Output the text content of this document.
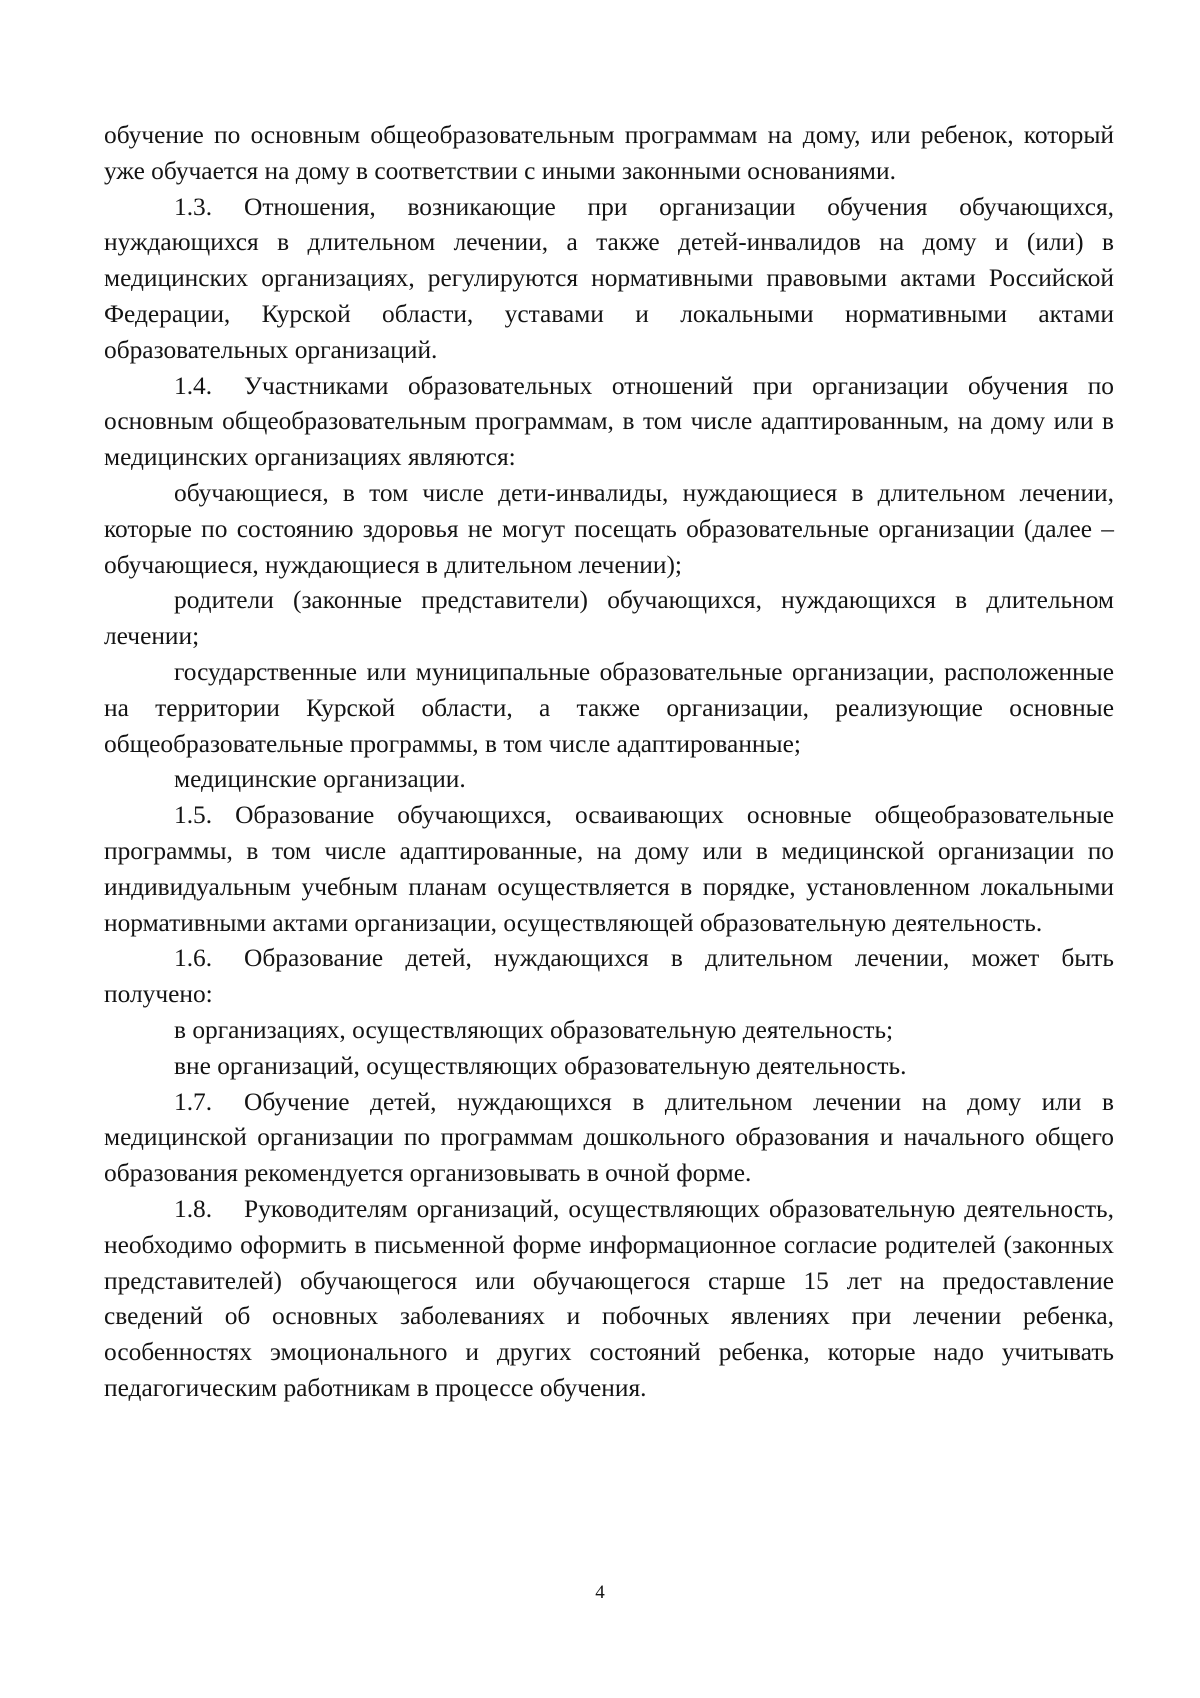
обучение по основным общеобразовательным программам на дому, или ребенок, который уже обучается на дому в соответствии с иными законными основаниями.

1.3. Отношения, возникающие при организации обучения обучающихся, нуждающихся в длительном лечении, а также детей-инвалидов на дому и (или) в медицинских организациях, регулируются нормативными правовыми актами Российской Федерации, Курской области, уставами и локальными нормативными актами образовательных организаций.

1.4. Участниками образовательных отношений при организации обучения по основным общеобразовательным программам, в том числе адаптированным, на дому или в медицинских организациях являются:

обучающиеся, в том числе дети-инвалиды, нуждающиеся в длительном лечении, которые по состоянию здоровья не могут посещать образовательные организации (далее – обучающиеся, нуждающиеся в длительном лечении);

родители (законные представители) обучающихся, нуждающихся в длительном лечении;

государственные или муниципальные образовательные организации, расположенные на территории Курской области, а также организации, реализующие основные общеобразовательные программы, в том числе адаптированные;

медицинские организации.

1.5. Образование обучающихся, осваивающих основные общеобразовательные программы, в том числе адаптированные, на дому или в медицинской организации по индивидуальным учебным планам осуществляется в порядке, установленном локальными нормативными актами организации, осуществляющей образовательную деятельность.

1.6. Образование детей, нуждающихся в длительном лечении, может быть получено:

в организациях, осуществляющих образовательную деятельность;

вне организаций, осуществляющих образовательную деятельность.

1.7. Обучение детей, нуждающихся в длительном лечении на дому или в медицинской организации по программам дошкольного образования и начального общего образования рекомендуется организовывать в очной форме.

1.8. Руководителям организаций, осуществляющих образовательную деятельность, необходимо оформить в письменной форме информационное согласие родителей (законных представителей) обучающегося или обучающегося старше 15 лет на предоставление сведений об основных заболеваниях и побочных явлениях при лечении ребенка, особенностях эмоционального и других состояний ребенка, которые надо учитывать педагогическим работникам в процессе обучения.

4
